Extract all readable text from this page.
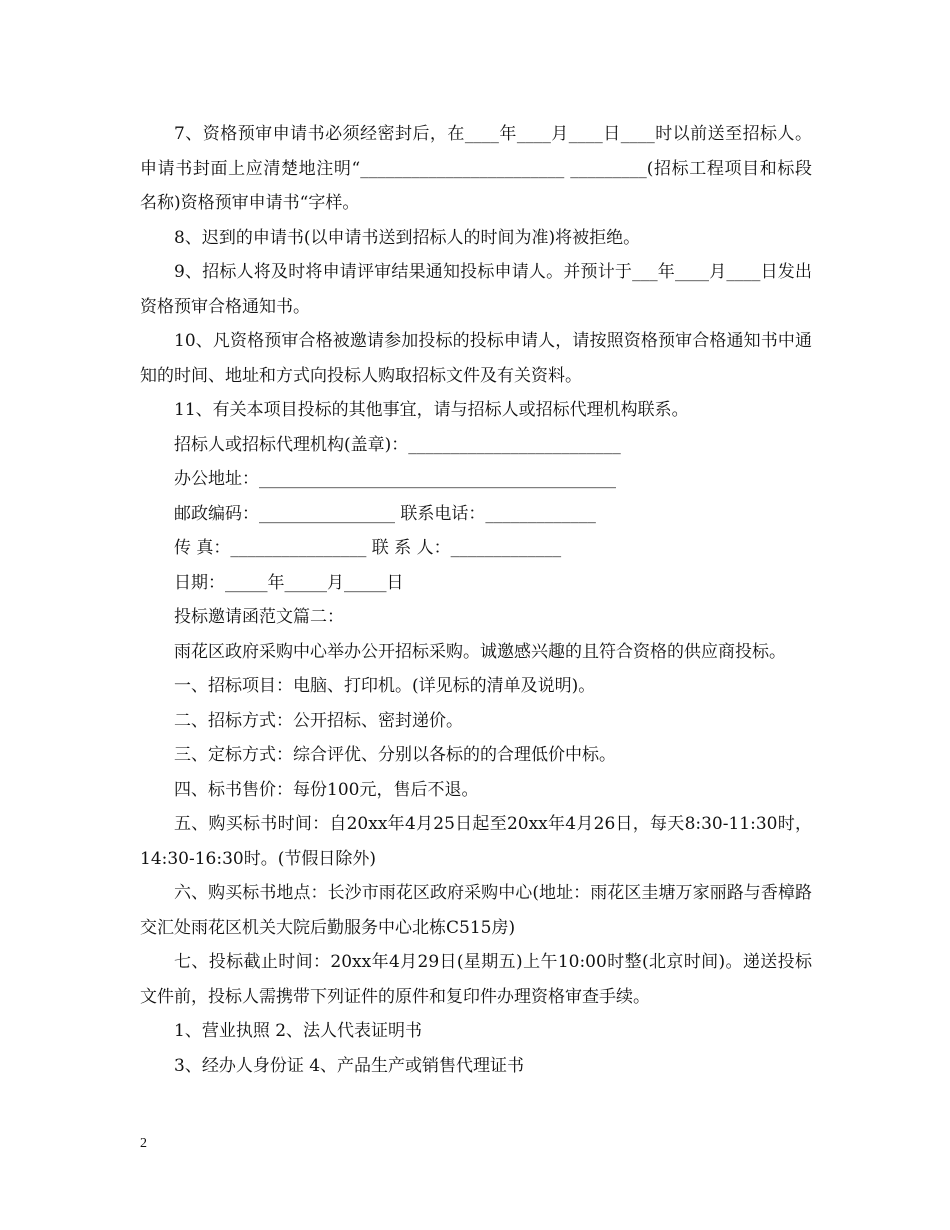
7、资格预审申请书必须经密封后，在____年____月____日____时以前送至招标人。申请书封面上应清楚地注明“________________________ _________(招标工程项目和标段名称)资格预审申请书“字样。

8、迟到的申请书(以申请书送到招标人的时间为准)将被拒绝。

9、招标人将及时将申请评审结果通知投标申请人。并预计于___年____月____日发出资格预审合格通知书。

10、凡资格预审合格被邀请参加投标的投标申请人，请按照资格预审合格通知书中通知的时间、地址和方式向投标人购取招标文件及有关资料。

11、有关本项目投标的其他事宜，请与招标人或招标代理机构联系。

招标人或招标代理机构(盖章)：_________________________

办公地址：__________________________________________

邮政编码：________________ 联系电话：_____________

传 真：________________ 联 系 人：_____________

日期：_____年_____月_____日

投标邀请函范文篇二：

雨花区政府采购中心举办公开招标采购。诚邀感兴趣的且符合资格的供应商投标。

一、招标项目：电脑、打印机。(详见标的清单及说明)。

二、招标方式：公开招标、密封递价。

三、定标方式：综合评优、分别以各标的的合理低价中标。

四、标书售价：每份100元，售后不退。

五、购买标书时间：自20xx年4月25日起至20xx年4月26日，每天8:30-11:30时，14:30-16:30时。(节假日除外)

六、购买标书地点：长沙市雨花区政府采购中心(地址：雨花区圭塘万家丽路与香樟路交汇处雨花区机关大院后勤服务中心北栋C515房)

七、投标截止时间：20xx年4月29日(星期五)上午10:00时整(北京时间)。递送投标文件前，投标人需携带下列证件的原件和复印件办理资格审查手续。

1、营业执照 2、法人代表证明书

3、经办人身份证 4、产品生产或销售代理证书

2
